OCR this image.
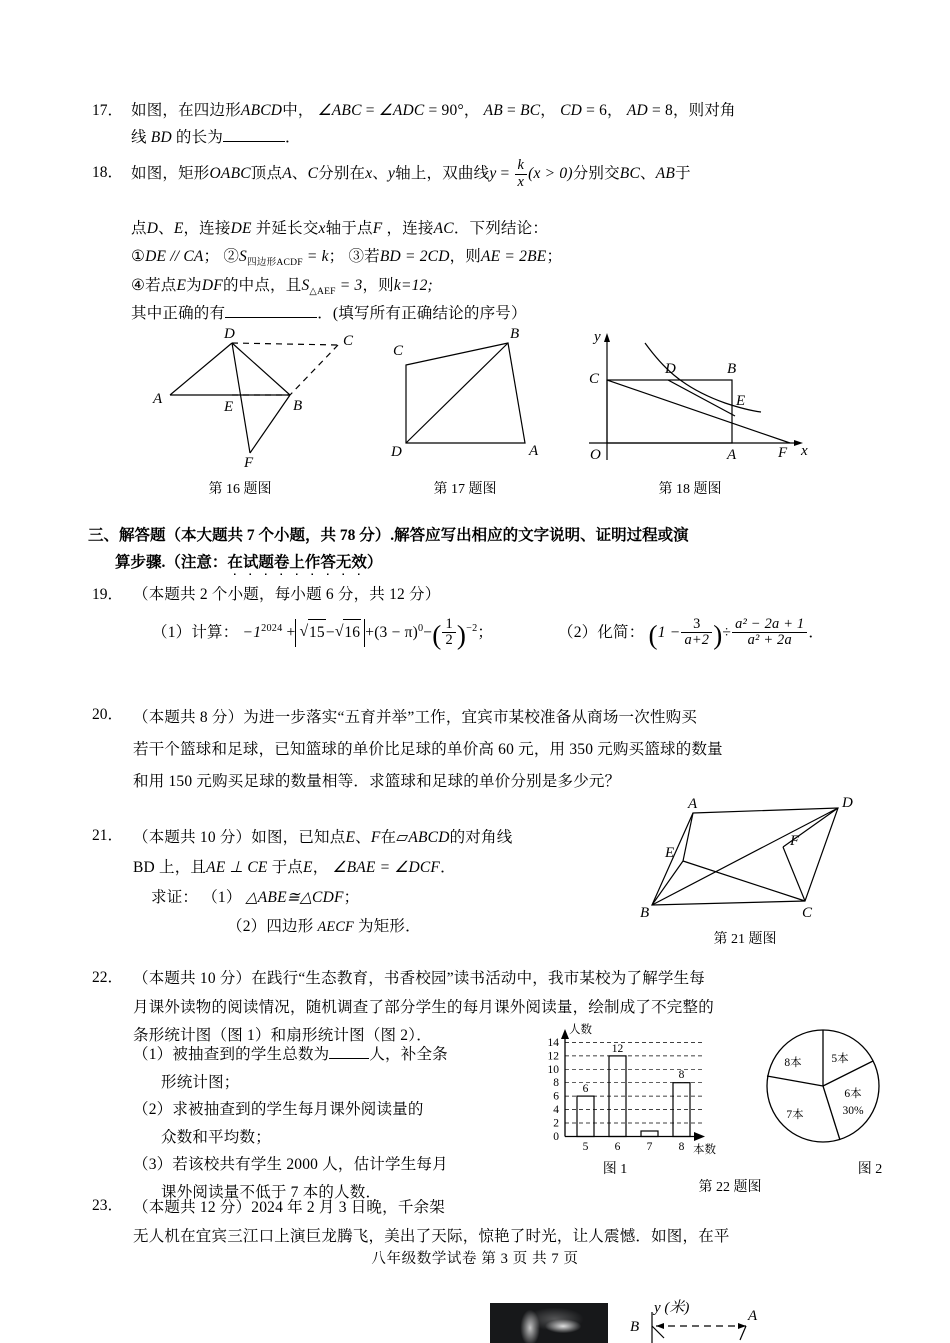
17． 如图，在四边形ABCD中， ∠ABC = ∠ADC = 90°， AB = BC， CD = 6， AD = 8，则对角
线 BD 的长为	．
18． 如图，矩形OABC顶点A、C分别在x、y轴上，双曲线$y = \frac{k}{x} (x > 0)$分别交BC、AB于
点D、E，连接DE 并延长交x轴于点F ，连接AC．下列结论：
①DE // CA； $②S_{四边形ACDF} = k$； ③若BD = 2CD，则AE = 2BE；
④若点E为DF的中点，且$S_{\triangle AEF} = 3$，则k=12;
其中正确的有	．(填写所有正确结论的序号）
A	B
C
D
E
F
第 16 题图
C
B
D	A
第 17 题图
y
x
C
O
D	B
E
A	F
第 18 题图
三、解答题（本大题共 7 个小题，共 78 分）.解答应写出相应的文字说明、证明过程或演
算步骤.（注意：在试题卷上作答无效）
19． （本题共 2 个小题，每小题 6 分，共 12 分）
（1）计算： $-1^{2024}$ + √ 15− √ $16 +(3 - \pi)^0-( \frac{1}{2} )^{-2}$；	（2）化简： ($1 - \frac{3}{a+2}$ )÷ $\frac{\text{a² − 2a + 1}}{\text{a² + 2a}}$ ．
20． （本题共 8 分）为进一步落实“五育并举”工作，宜宾市某校准备从商场一次性购买
若干个篮球和足球，已知篮球的单价比足球的单价高 60 元，用 350 元购买篮球的数量
和用 150 元购买足球的数量相等．求篮球和足球的单价分别是多少元？
21． （本题共 10 分）如图，已知点E、F在▱ABCD的对角线
BD 上，且AE ⊥ CE 于点E， ∠BAE = ∠DCF．
求证： （1） △ABE≅△CDF；
（2）四边形 AECF 为矩形．
A	D
B	C
E
F
第 21 题图
22． （本题共 10 分）在践行“生态教育，书香校园”读书活动中，我市某校为了解学生每
月课外读物的阅读情况，随机调查了部分学生的每月课外阅读量，绘制成了不完整的
条形统计图（图 1）和扇形统计图（图 2）．
（1）被抽查到的学生总数为	人，补全条
形统计图；
（2）求被抽查到的学生每月课外阅读量的
众数和平均数；
（3）若该校共有学生 2000 人，估计学生每月
课外阅读量不低于 7 本的人数．
0
2
4
6
8
10
12
14
6
12
8
5 6 7 8 本数
人数
图 1
5本
6本
30%
7本
8本
图 2
第 22 题图
23． （本题共 12 分）2024 年 2 月 3 日晚，千余架
无人机在宜宾三江口上演巨龙腾飞，美出了天际，惊艳了时光，让人震憾．如图，在平
八年级数学试卷 第 3 页 共 7 页
B
A
y (米)
